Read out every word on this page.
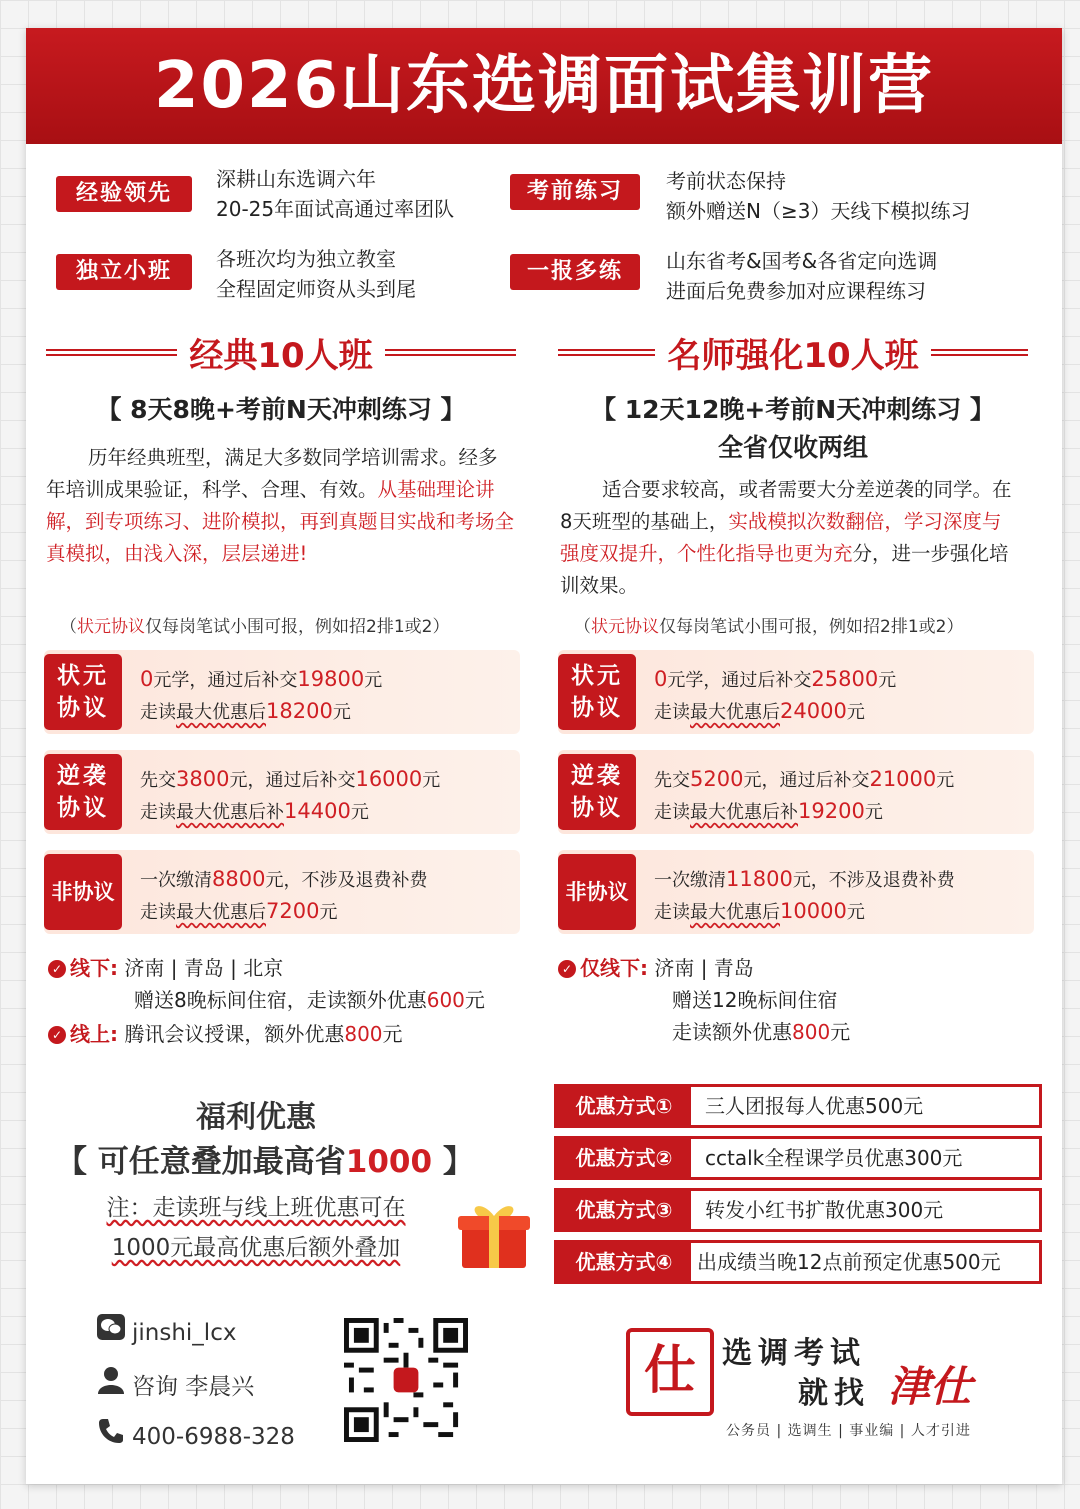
2026山东选调面试集训营
经验领先
深耕山东选调六年
20-25年面试高通过率团队
考前练习	考前状态保持
额外赠送N（≥3）天线下模拟练习
独立小班	各班次均为独立教室
全程固定师资从头到尾
一报多练	山东省考&国考&各省定向选调
进面后免费参加对应课程练习
经典10人班	名师强化10人班
【 8天8晚+考前N天冲刺练习 】	【 12天12晚+考前N天冲刺练习 】
全省仅收两组
历年经典班型，满足大多数同学培训需求。经多年培训成果验证，科学、合理、有效。从基础理论讲解，到专项练习、进阶模拟，再到真题目实战和考场全真模拟，由浅入深，层层递进!
（状元协议仅每岗笔试小围可报，例如招2排1或2）
适合要求较高，或者需要大分差逆袭的同学。在8天班型的基础上，实战模拟次数翻倍，学习深度与强度双提升，个性化指导也更为充分，进一步强化培训效果。
（状元协议仅每岗笔试小围可报，例如招2排1或2）
状元
协议
0元学，通过后补交19800元
走读最大优惠后18200元
逆袭
协议
先交3800元，通过后补交16000元
走读最大优惠后补14400元
非协议	一次缴清8800元，不涉及退费补费
走读最大优惠后7200元
状元
协议
0元学，通过后补交25800元
走读最大优惠后24000元
逆袭
协议
先交5200元，通过后补交21000元
走读最大优惠后补19200元
非协议	一次缴清11800元，不涉及退费补费
走读最大优惠后10000元
✓ 线下: 济南 | 青岛 | 北京
赠送8晚标间住宿，走读额外优惠600元
✓ 线上: 腾讯会议授课，额外优惠800元
✓ 仅线下: 济南 | 青岛
赠送12晚标间住宿
走读额外优惠800元
福利优惠
【 可任意叠加最高省1000 】
注：走读班与线上班优惠可在
1000元最高优惠后额外叠加
优惠方式①	三人团报每人优惠500元
优惠方式②	cctalk全程课学员优惠300元
优惠方式③	转发小红书扩散优惠300元
优惠方式④	出成绩当晚12点前预定优惠500元
jinshi_lcx
咨询 李晨兴
400-6988-328
仕 选调考试
就找 津仕
公务员 | 选调生 | 事业编 | 人才引进
